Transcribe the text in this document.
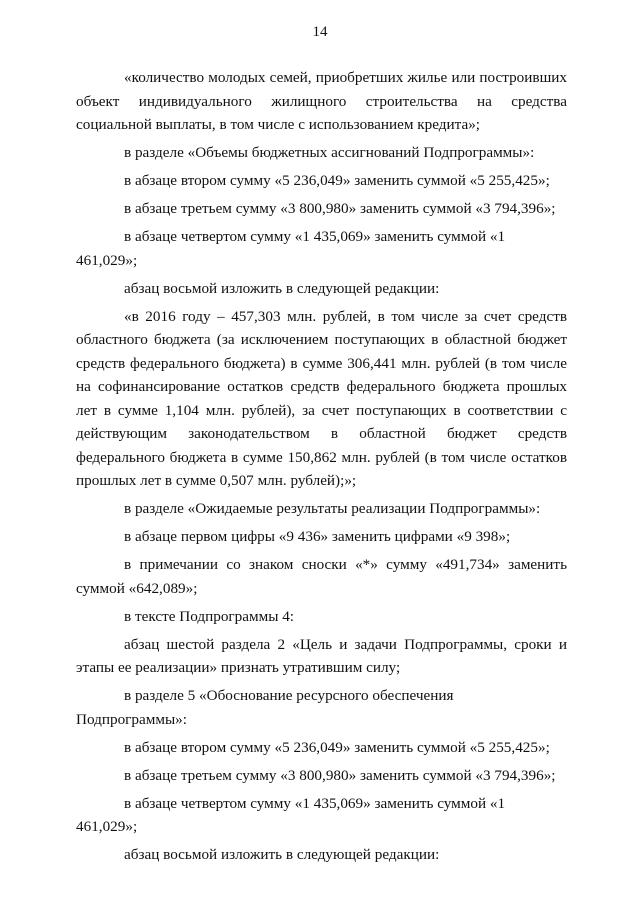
14

«количество молодых семей, приобретших жилье или построивших объект индивидуального жилищного строительства на средства социальной выплаты, в том числе с использованием кредита»;

в разделе «Объемы бюджетных ассигнований Подпрограммы»:

в абзаце втором сумму «5 236,049» заменить суммой «5 255,425»;

в абзаце третьем сумму «3 800,980» заменить суммой «3 794,396»;

в абзаце четвертом сумму «1 435,069» заменить суммой «1 461,029»;

абзац восьмой изложить в следующей редакции:

«в 2016 году – 457,303 млн. рублей, в том числе за счет средств областного бюджета (за исключением поступающих в областной бюджет средств федерального бюджета) в сумме 306,441 млн. рублей (в том числе на софинансирование остатков средств федерального бюджета прошлых лет в сумме 1,104 млн. рублей), за счет поступающих в соответствии с действующим законодательством в областной бюджет средств федерального бюджета в сумме 150,862 млн. рублей (в том числе остатков прошлых лет в сумме 0,507 млн. рублей);»;

в разделе «Ожидаемые результаты реализации Подпрограммы»:

в абзаце первом цифры «9 436» заменить цифрами «9 398»;

в примечании со знаком сноски «*» сумму «491,734» заменить суммой «642,089»;

в тексте Подпрограммы 4:

абзац шестой раздела 2 «Цель и задачи Подпрограммы, сроки и этапы ее реализации» признать утратившим силу;

в разделе 5 «Обоснование ресурсного обеспечения Подпрограммы»:

в абзаце втором сумму «5 236,049» заменить суммой «5 255,425»;

в абзаце третьем сумму «3 800,980» заменить суммой «3 794,396»;

в абзаце четвертом сумму «1 435,069» заменить суммой «1 461,029»;

абзац восьмой изложить в следующей редакции:
